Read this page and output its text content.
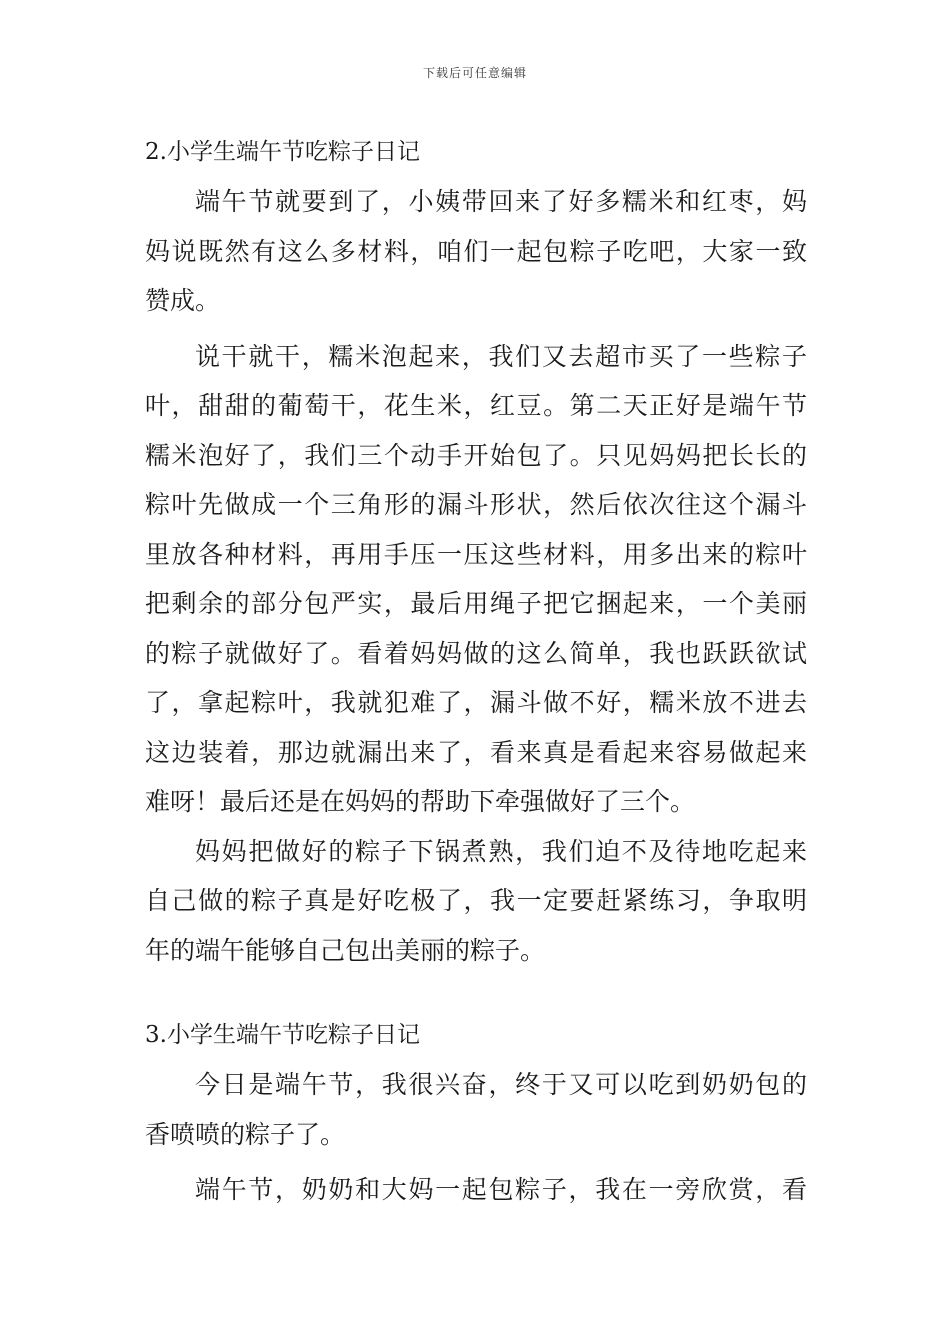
下载后可任意编辑
2.小学生端午节吃粽子日记
端午节就要到了，小姨带回来了好多糯米和红枣，妈
妈说既然有这么多材料，咱们一起包粽子吃吧，大家一致
赞成。
说干就干，糯米泡起来，我们又去超市买了一些粽子
叶，甜甜的葡萄干，花生米，红豆。第二天正好是端午节
糯米泡好了，我们三个动手开始包了。只见妈妈把长长的
粽叶先做成一个三角形的漏斗形状，然后依次往这个漏斗
里放各种材料，再用手压一压这些材料，用多出来的粽叶
把剩余的部分包严实，最后用绳子把它捆起来，一个美丽
的粽子就做好了。看着妈妈做的这么简单，我也跃跃欲试
了，拿起粽叶，我就犯难了，漏斗做不好，糯米放不进去
这边装着，那边就漏出来了，看来真是看起来容易做起来
难呀！最后还是在妈妈的帮助下牵强做好了三个。
妈妈把做好的粽子下锅煮熟，我们迫不及待地吃起来
自己做的粽子真是好吃极了，我一定要赶紧练习，争取明
年的端午能够自己包出美丽的粽子。
3.小学生端午节吃粽子日记
今日是端午节，我很兴奋，终于又可以吃到奶奶包的
香喷喷的粽子了。
端午节，奶奶和大妈一起包粽子，我在一旁欣赏，看
